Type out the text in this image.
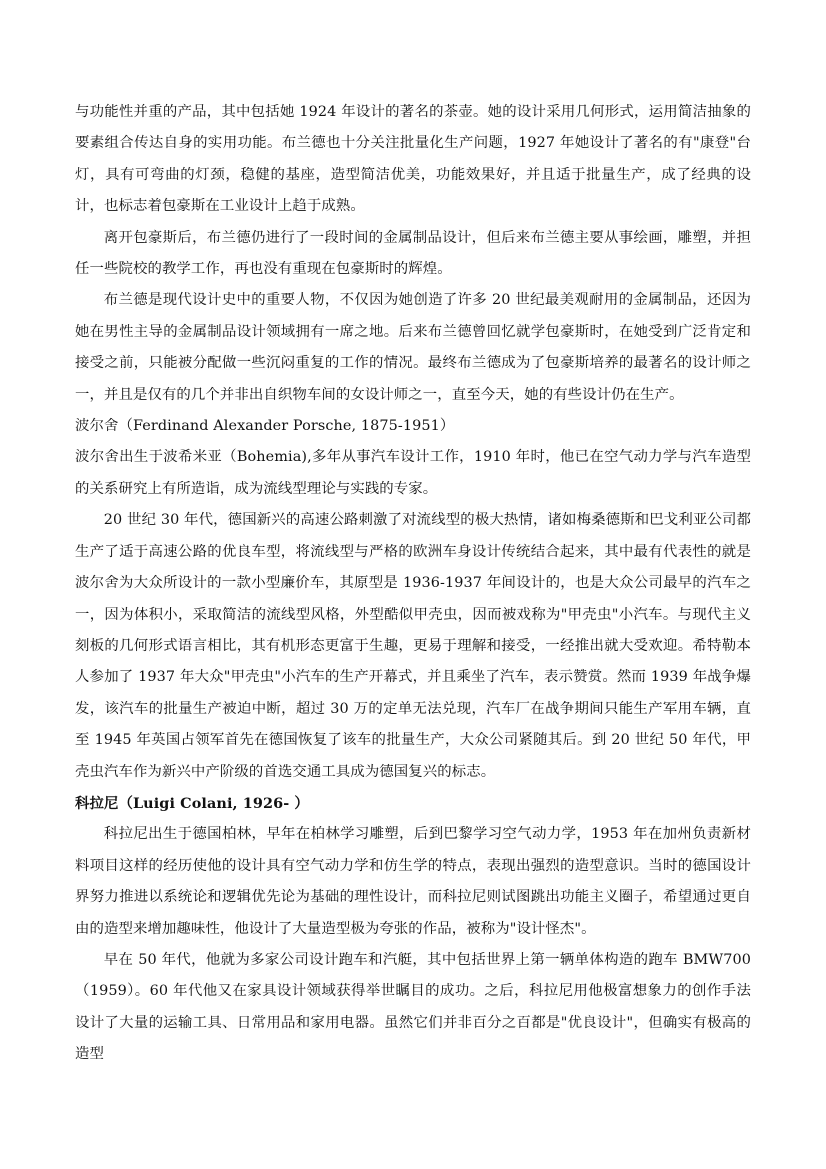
与功能性并重的产品，其中包括她 1924 年设计的著名的茶壶。她的设计采用几何形式，运用简洁抽象的要素组合传达自身的实用功能。布兰德也十分关注批量化生产问题，1927 年她设计了著名的有"康登"台灯，具有可弯曲的灯颈，稳健的基座，造型简洁优美，功能效果好，并且适于批量生产，成了经典的设计，也标志着包豪斯在工业设计上趋于成熟。

离开包豪斯后，布兰德仍进行了一段时间的金属制品设计，但后来布兰德主要从事绘画，雕塑，并担任一些院校的教学工作，再也没有重现在包豪斯时的辉煌。

布兰德是现代设计史中的重要人物，不仅因为她创造了许多 20 世纪最美观耐用的金属制品，还因为她在男性主导的金属制品设计领域拥有一席之地。后来布兰德曾回忆就学包豪斯时，在她受到广泛肯定和接受之前，只能被分配做一些沉闷重复的工作的情况。最终布兰德成为了包豪斯培养的最著名的设计师之一，并且是仅有的几个并非出自织物车间的女设计师之一，直至今天，她的有些设计仍在生产。

波尔舍（Ferdinand Alexander Porsche, 1875-1951）

波尔舍出生于波希米亚（Bohemia),多年从事汽车设计工作，1910 年时，他已在空气动力学与汽车造型的关系研究上有所造诣，成为流线型理论与实践的专家。

20 世纪 30 年代，德国新兴的高速公路刺激了对流线型的极大热情，诸如梅桑德斯和巴戈利亚公司都生产了适于高速公路的优良车型，将流线型与严格的欧洲车身设计传统结合起来，其中最有代表性的就是波尔舍为大众所设计的一款小型廉价车，其原型是 1936-1937 年间设计的，也是大众公司最早的汽车之一，因为体积小，采取简洁的流线型风格，外型酷似甲壳虫，因而被戏称为"甲壳虫"小汽车。与现代主义刻板的几何形式语言相比，其有机形态更富于生趣，更易于理解和接受，一经推出就大受欢迎。希特勒本人参加了 1937 年大众"甲壳虫"小汽车的生产开幕式，并且乘坐了汽车，表示赞赏。然而 1939 年战争爆发，该汽车的批量生产被迫中断，超过 30 万的定单无法兑现，汽车厂在战争期间只能生产军用车辆，直至 1945 年英国占领军首先在德国恢复了该车的批量生产，大众公司紧随其后。到 20 世纪 50 年代，甲壳虫汽车作为新兴中产阶级的首选交通工具成为德国复兴的标志。

科拉尼（Luigi Colani, 1926- ）

科拉尼出生于德国柏林，早年在柏林学习雕塑，后到巴黎学习空气动力学，1953 年在加州负责新材料项目这样的经历使他的设计具有空气动力学和仿生学的特点，表现出强烈的造型意识。当时的德国设计界努力推进以系统论和逻辑优先论为基础的理性设计，而科拉尼则试图跳出功能主义圈子，希望通过更自由的造型来增加趣味性，他设计了大量造型极为夸张的作品，被称为"设计怪杰"。

早在 50 年代，他就为多家公司设计跑车和汽艇，其中包括世界上第一辆单体构造的跑车 BMW700（1959）。60 年代他又在家具设计领域获得举世瞩目的成功。之后，科拉尼用他极富想象力的创作手法设计了大量的运输工具、日常用品和家用电器。虽然它们并非百分之百都是"优良设计"，但确实有极高的造型
